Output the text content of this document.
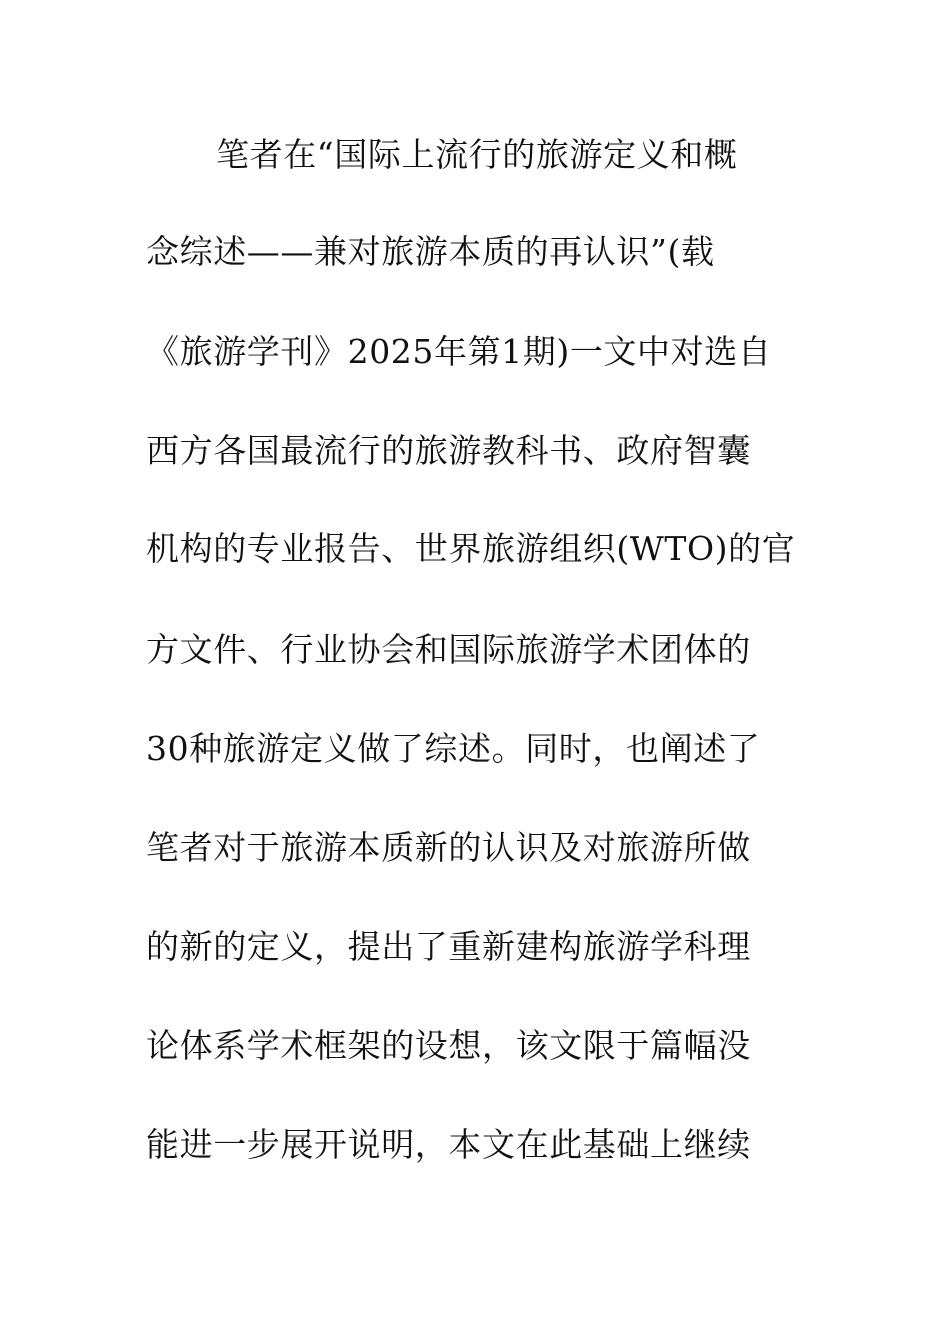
笔者在“国际上流行的旅游定义和概
念综述——兼对旅游本质的再认识”(载
《旅游学刊》2025年第1期)一文中对选自
西方各国最流行的旅游教科书、政府智囊
机构的专业报告、世界旅游组织(WTO)的官
方文件、行业协会和国际旅游学术团体的
30种旅游定义做了综述。同时，也阐述了
笔者对于旅游本质新的认识及对旅游所做
的新的定义，提出了重新建构旅游学科理
论体系学术框架的设想，该文限于篇幅没
能进一步展开说明，本文在此基础上继续
